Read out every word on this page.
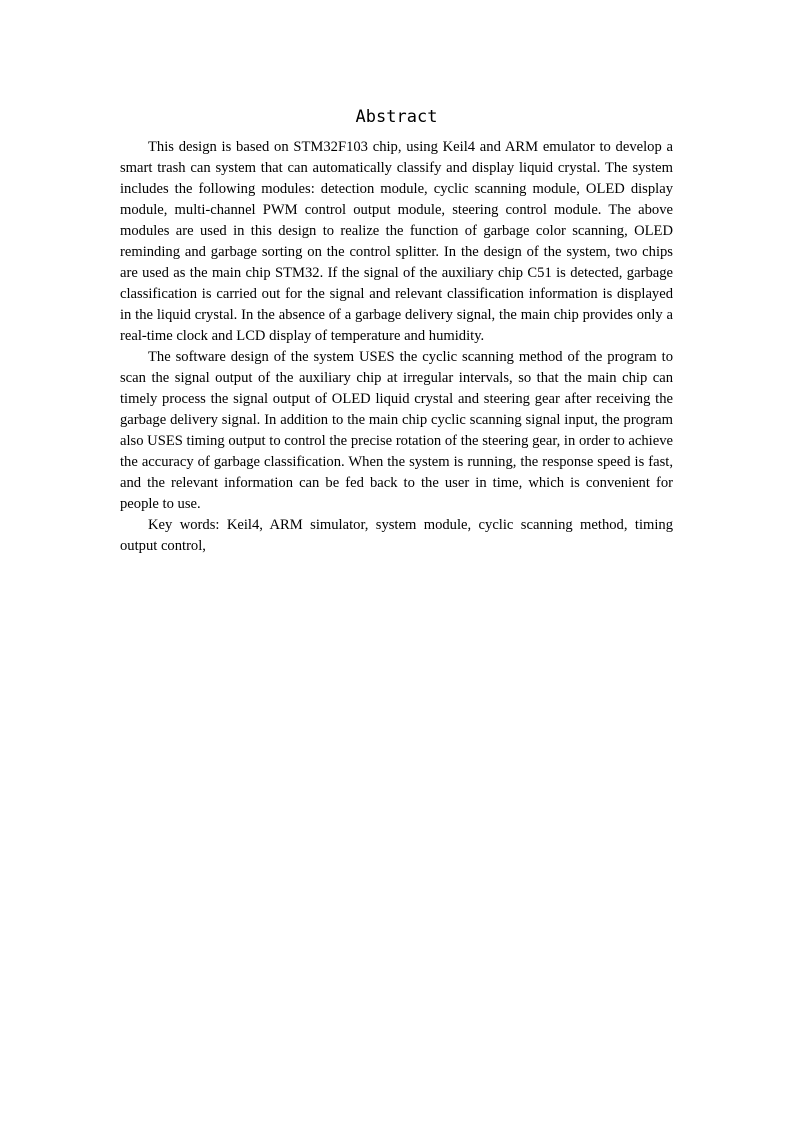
Abstract

This design is based on STM32F103 chip, using Keil4 and ARM emulator to develop a smart trash can system that can automatically classify and display liquid crystal. The system includes the following modules: detection module, cyclic scanning module, OLED display module, multi-channel PWM control output module, steering control module. The above modules are used in this design to realize the function of garbage color scanning, OLED reminding and garbage sorting on the control splitter. In the design of the system, two chips are used as the main chip STM32. If the signal of the auxiliary chip C51 is detected, garbage classification is carried out for the signal and relevant classification information is displayed in the liquid crystal. In the absence of a garbage delivery signal, the main chip provides only a real-time clock and LCD display of temperature and humidity.

The software design of the system USES the cyclic scanning method of the program to scan the signal output of the auxiliary chip at irregular intervals, so that the main chip can timely process the signal output of OLED liquid crystal and steering gear after receiving the garbage delivery signal. In addition to the main chip cyclic scanning signal input, the program also USES timing output to control the precise rotation of the steering gear, in order to achieve the accuracy of garbage classification. When the system is running, the response speed is fast, and the relevant information can be fed back to the user in time, which is convenient for people to use.

Key words: Keil4, ARM simulator, system module, cyclic scanning method, timing output control,
